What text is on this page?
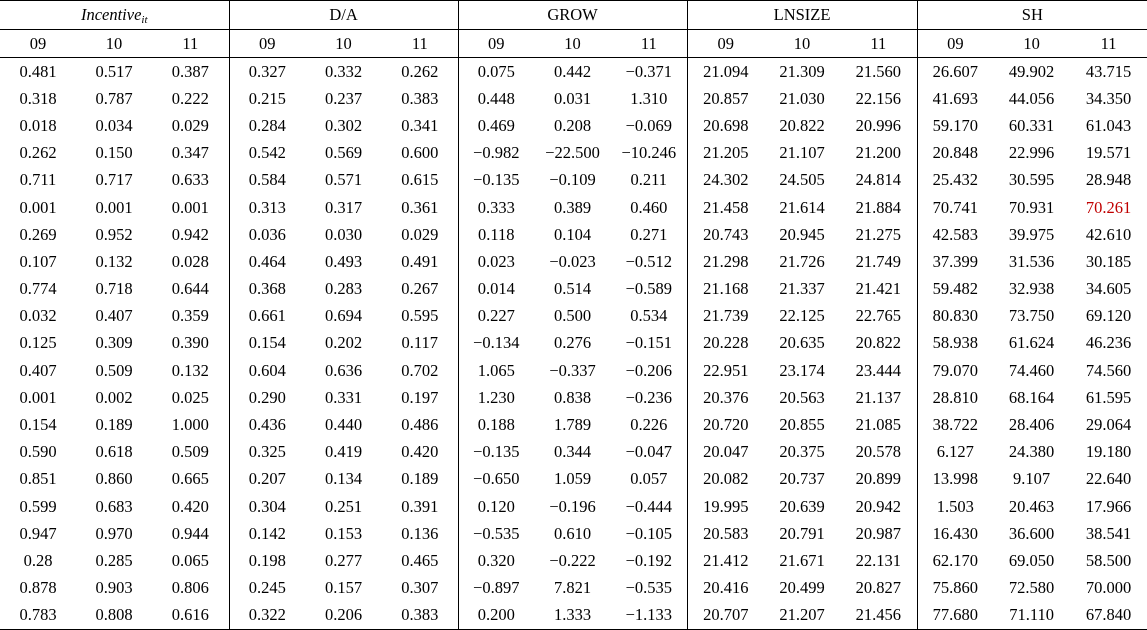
Incentiveit			D/A			GROW			LNSIZE			SH		
09	10	11	09	10	11	09	10	11	09	10	11	09	10	11
0.481	0.517	0.387	0.327	0.332	0.262	0.075	0.442	−0.371	21.094	21.309	21.560	26.607	49.902	43.715
0.318	0.787	0.222	0.215	0.237	0.383	0.448	0.031	1.310	20.857	21.030	22.156	41.693	44.056	34.350
0.018	0.034	0.029	0.284	0.302	0.341	0.469	0.208	−0.069	20.698	20.822	20.996	59.170	60.331	61.043
0.262	0.150	0.347	0.542	0.569	0.600	−0.982	−22.500	−10.246	21.205	21.107	21.200	20.848	22.996	19.571
0.711	0.717	0.633	0.584	0.571	0.615	−0.135	−0.109	0.211	24.302	24.505	24.814	25.432	30.595	28.948
0.001	0.001	0.001	0.313	0.317	0.361	0.333	0.389	0.460	21.458	21.614	21.884	70.741	70.931	70.261
0.269	0.952	0.942	0.036	0.030	0.029	0.118	0.104	0.271	20.743	20.945	21.275	42.583	39.975	42.610
0.107	0.132	0.028	0.464	0.493	0.491	0.023	−0.023	−0.512	21.298	21.726	21.749	37.399	31.536	30.185
0.774	0.718	0.644	0.368	0.283	0.267	0.014	0.514	−0.589	21.168	21.337	21.421	59.482	32.938	34.605
0.032	0.407	0.359	0.661	0.694	0.595	0.227	0.500	0.534	21.739	22.125	22.765	80.830	73.750	69.120
0.125	0.309	0.390	0.154	0.202	0.117	−0.134	0.276	−0.151	20.228	20.635	20.822	58.938	61.624	46.236
0.407	0.509	0.132	0.604	0.636	0.702	1.065	−0.337	−0.206	22.951	23.174	23.444	79.070	74.460	74.560
0.001	0.002	0.025	0.290	0.331	0.197	1.230	0.838	−0.236	20.376	20.563	21.137	28.810	68.164	61.595
0.154	0.189	1.000	0.436	0.440	0.486	0.188	1.789	0.226	20.720	20.855	21.085	38.722	28.406	29.064
0.590	0.618	0.509	0.325	0.419	0.420	−0.135	0.344	−0.047	20.047	20.375	20.578	6.127	24.380	19.180
0.851	0.860	0.665	0.207	0.134	0.189	−0.650	1.059	0.057	20.082	20.737	20.899	13.998	9.107	22.640
0.599	0.683	0.420	0.304	0.251	0.391	0.120	−0.196	−0.444	19.995	20.639	20.942	1.503	20.463	17.966
0.947	0.970	0.944	0.142	0.153	0.136	−0.535	0.610	−0.105	20.583	20.791	20.987	16.430	36.600	38.541
0.28	0.285	0.065	0.198	0.277	0.465	0.320	−0.222	−0.192	21.412	21.671	22.131	62.170	69.050	58.500
0.878	0.903	0.806	0.245	0.157	0.307	−0.897	7.821	−0.535	20.416	20.499	20.827	75.860	72.580	70.000
0.783	0.808	0.616	0.322	0.206	0.383	0.200	1.333	−1.133	20.707	21.207	21.456	77.680	71.110	67.840
